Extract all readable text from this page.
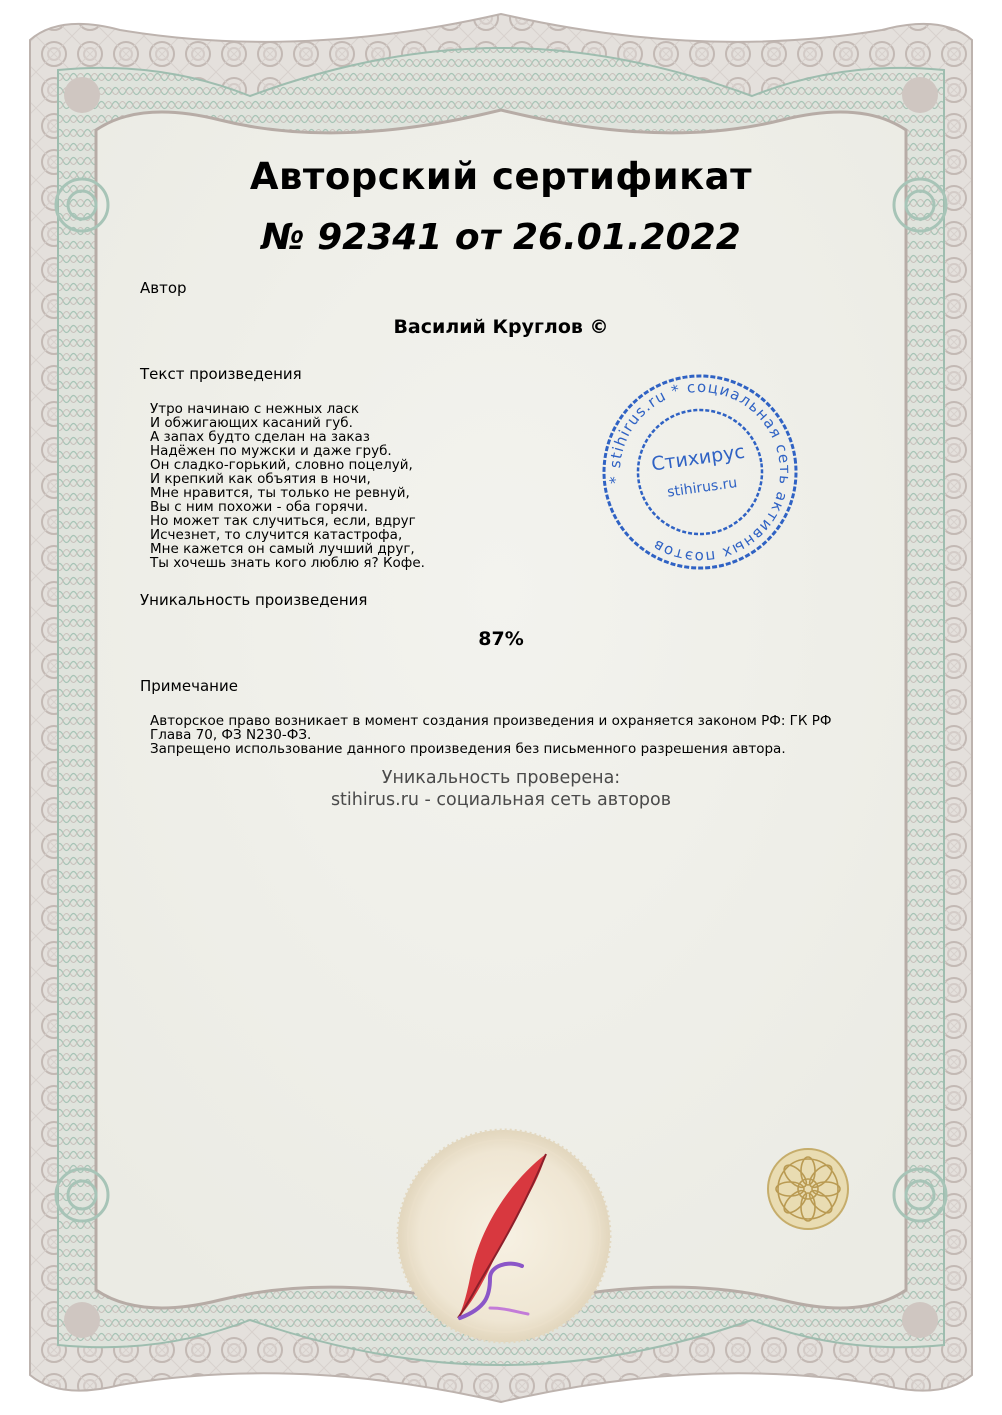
Авторский сертификат
№ 92341 от 26.01.2022
Автор
Василий Круглов ©
Текст произведения
Утро начинаю с нежных ласк
И обжигающих касаний губ.
А запах будто сделан на заказ
Надёжен по мужски и даже груб.
Он сладко-горький, словно поцелуй,
И крепкий как объятия в ночи,
Мне нравится, ты только не ревнуй,
Вы с ним похожи - оба горячи.
Но может так случиться, если, вдруг
Исчезнет, то случится катастрофа,
Мне кажется он самый лучший друг,
Ты хочешь знать кого люблю я? Кофе.
Уникальность произведения
87%
Примечание
Авторское право возникает в момент создания произведения и охраняется законом РФ: ГК РФ Глава 70, ФЗ N230-ФЗ.
Запрещено использование данного произведения без письменного разрешения автора.
Уникальность проверена:
stihirus.ru - социальная сеть авторов
* stihirus.ru * социальная сеть активных поэтов
Стихирус
stihirus.ru
